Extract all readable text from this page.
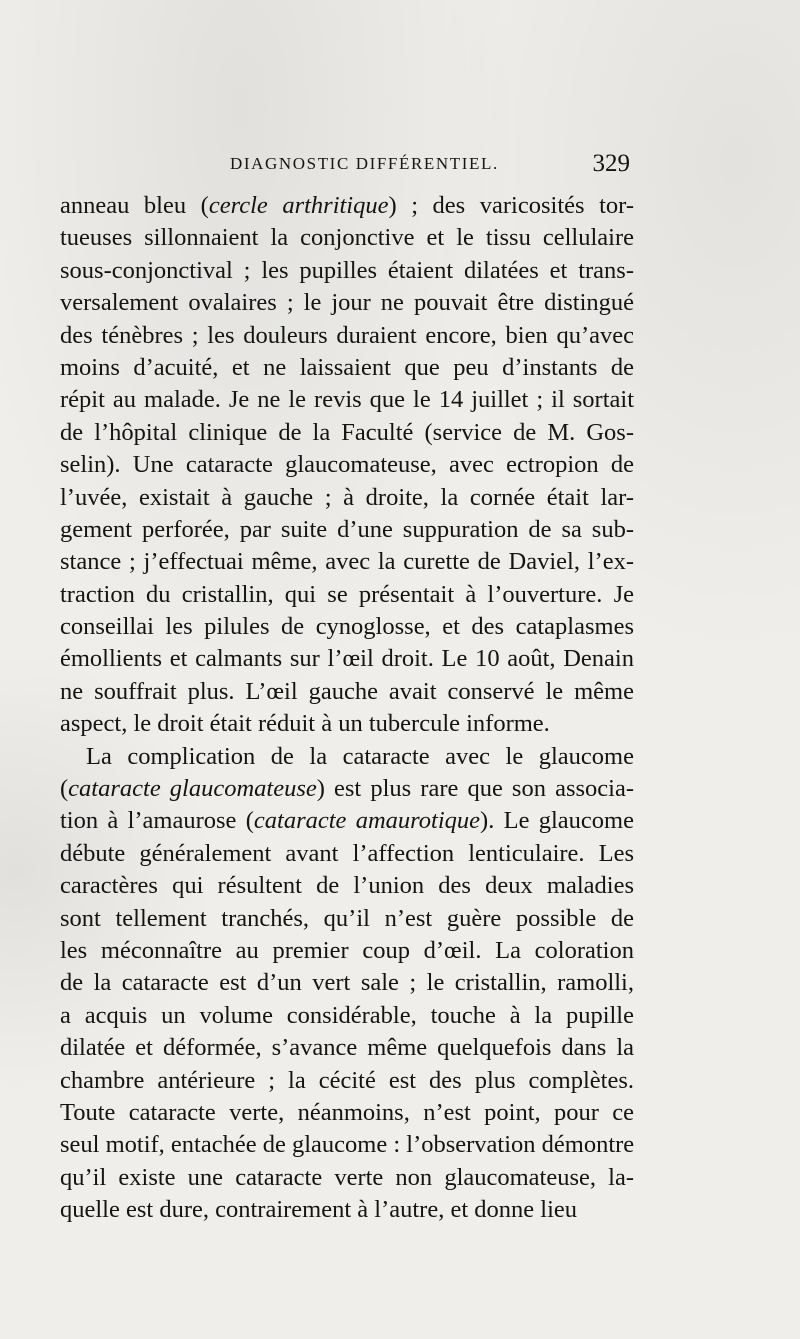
DIAGNOSTIC DIFFÉRENTIEL.	329
anneau bleu (cercle arthritique) ; des varicosités tor-
tueuses sillonnaient la conjonctive et le tissu cellulaire
sous-conjonctival ; les pupilles étaient dilatées et trans-
versalement ovalaires ; le jour ne pouvait être distingué
des ténèbres ; les douleurs duraient encore, bien qu’avec
moins d’acuité, et ne laissaient que peu d’instants de
répit au malade. Je ne le revis que le 14 juillet ; il sortait
de l’hôpital clinique de la Faculté (service de M. Gos-
selin). Une cataracte glaucomateuse, avec ectropion de
l’uvée, existait à gauche ; à droite, la cornée était lar-
gement perforée, par suite d’une suppuration de sa sub-
stance ; j’effectuai même, avec la curette de Daviel, l’ex-
traction du cristallin, qui se présentait à l’ouverture. Je
conseillai les pilules de cynoglosse, et des cataplasmes
émollients et calmants sur l’œil droit. Le 10 août, Denain
ne souffrait plus. L’œil gauche avait conservé le même
aspect, le droit était réduit à un tubercule informe.
La complication de la cataracte avec le glaucome
(cataracte glaucomateuse) est plus rare que son associa-
tion à l’amaurose (cataracte amaurotique). Le glaucome
débute généralement avant l’affection lenticulaire. Les
caractères qui résultent de l’union des deux maladies
sont tellement tranchés, qu’il n’est guère possible de
les méconnaître au premier coup d’œil. La coloration
de la cataracte est d’un vert sale ; le cristallin, ramolli,
a acquis un volume considérable, touche à la pupille
dilatée et déformée, s’avance même quelquefois dans la
chambre antérieure ; la cécité est des plus complètes.
Toute cataracte verte, néanmoins, n’est point, pour ce
seul motif, entachée de glaucome : l’observation démontre
qu’il existe une cataracte verte non glaucomateuse, la-
quelle est dure, contrairement à l’autre, et donne lieu
